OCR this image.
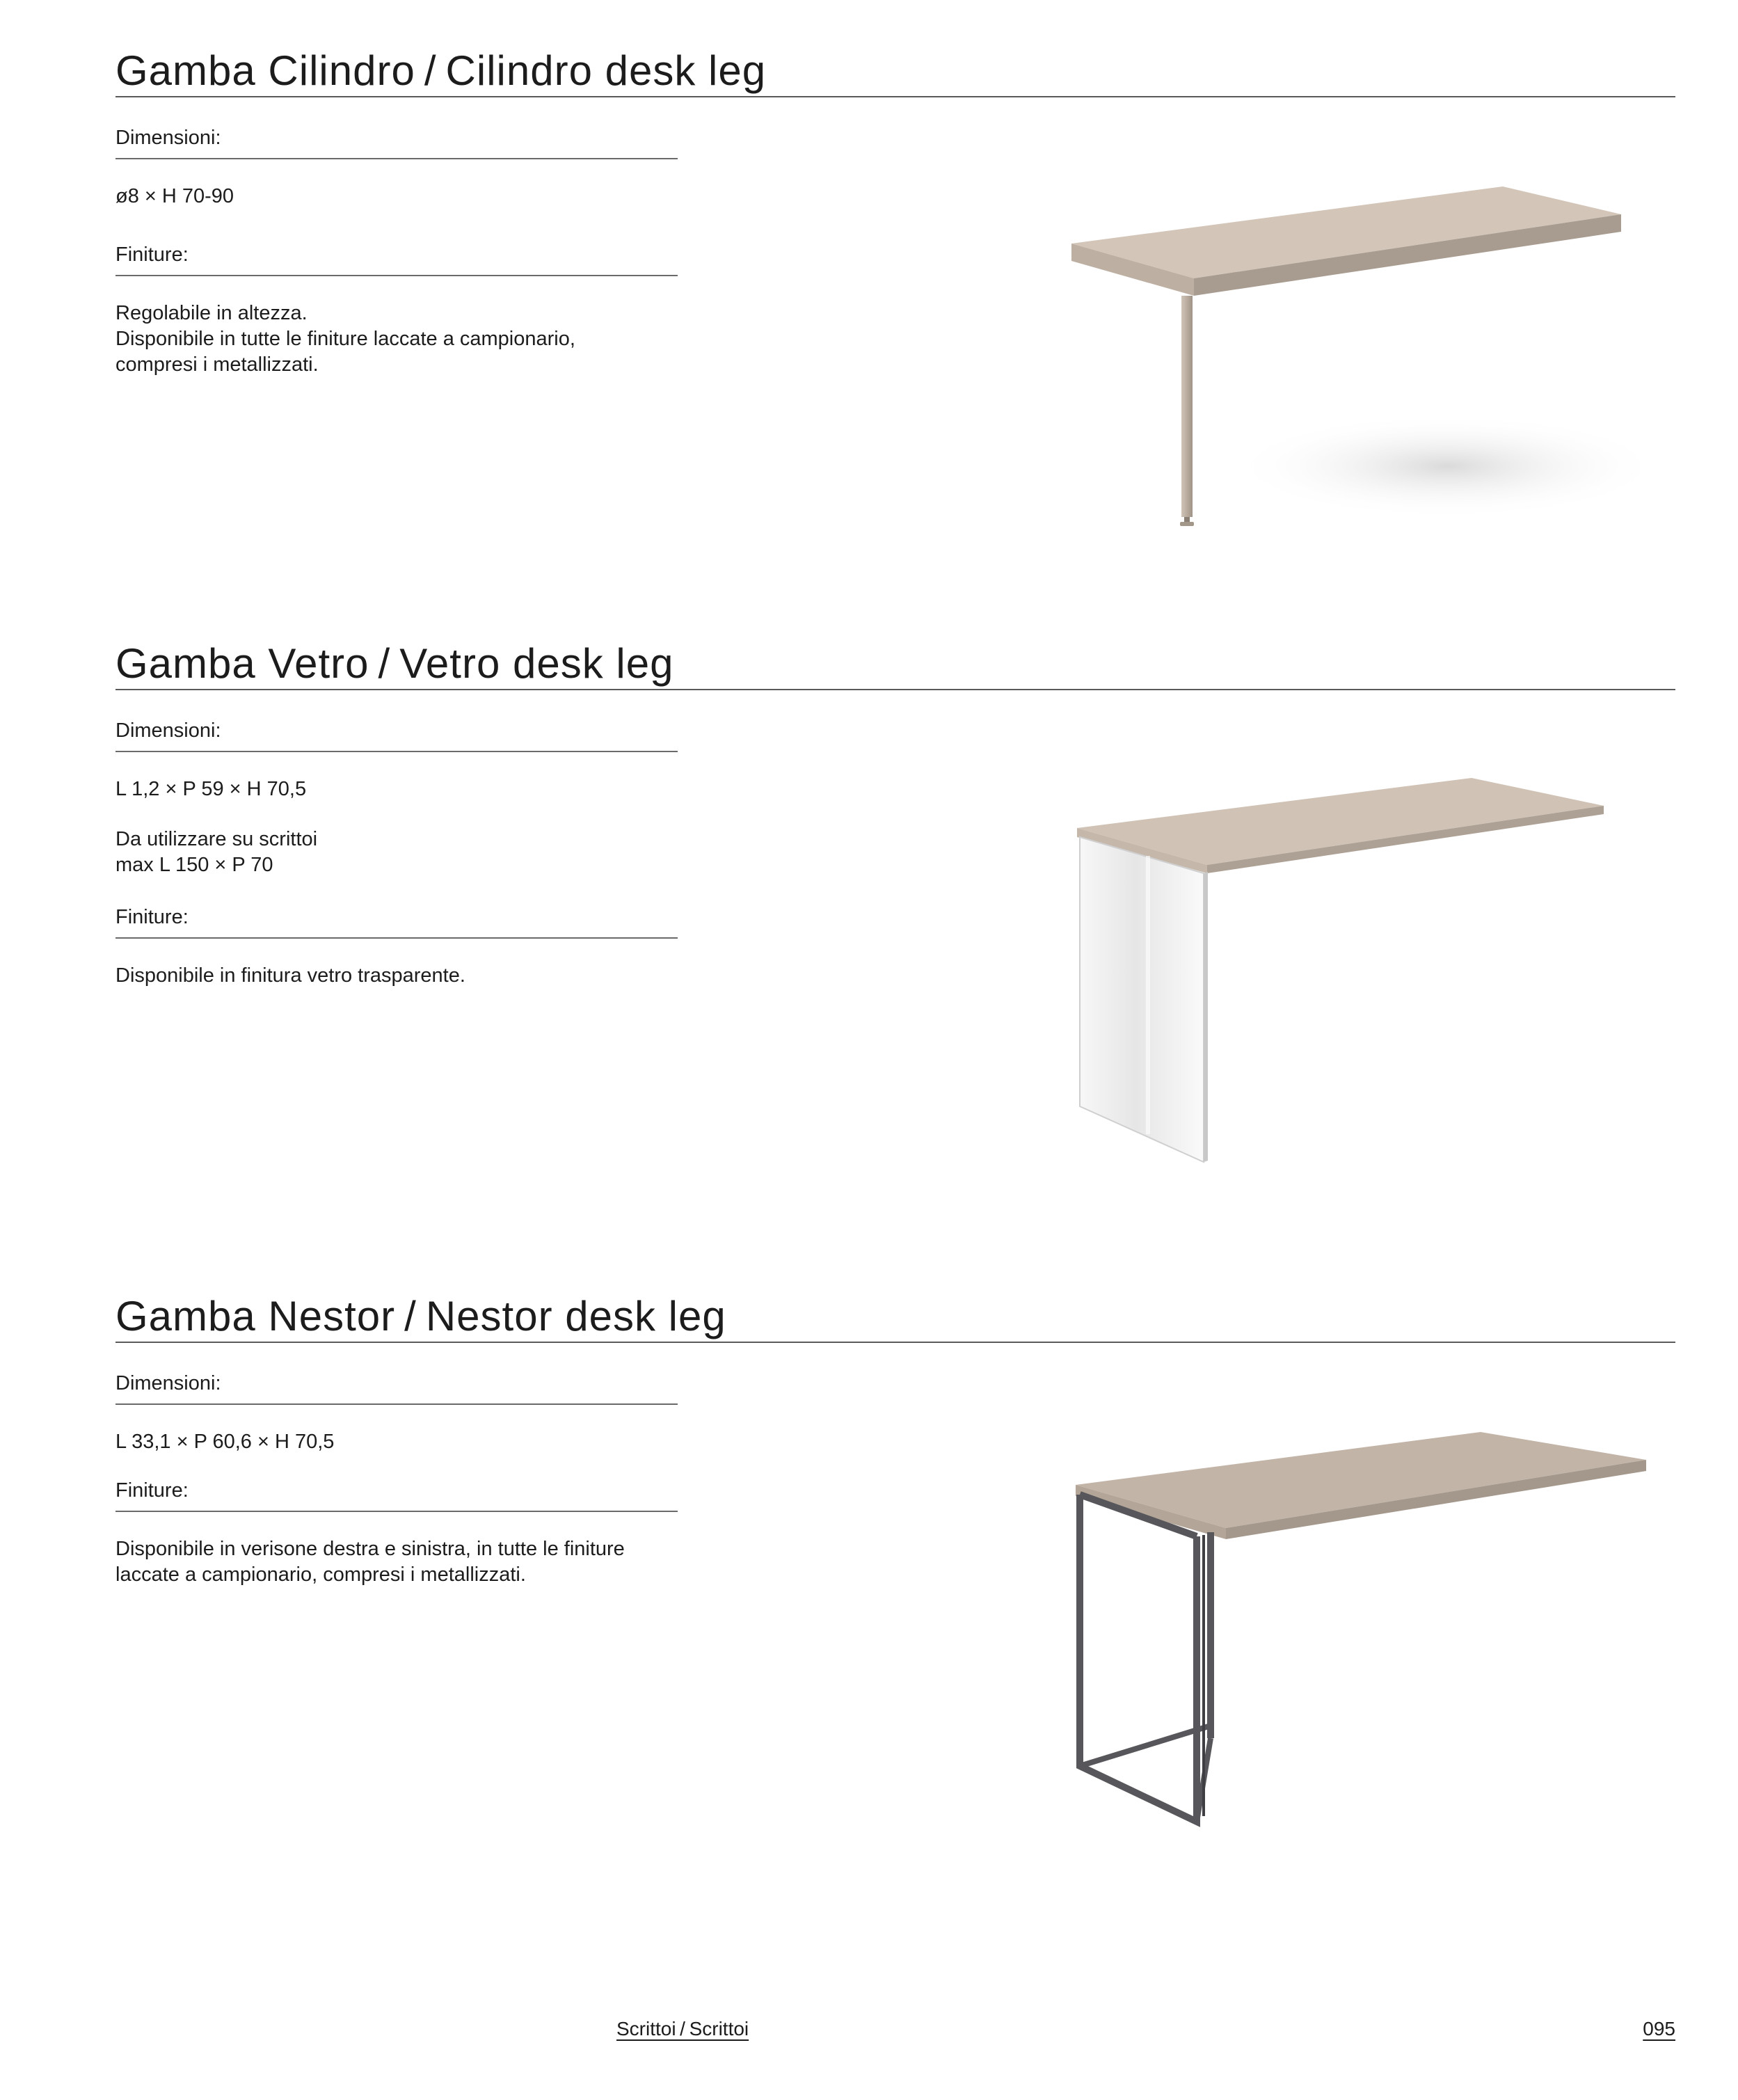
Gamba Cilindro / Cilindro desk leg
Dimensioni:
ø8 × H 70-90
Finiture:
Regolabile in altezza.
Disponibile in tutte le finiture laccate a campionario,
compresi i metallizzati.
Gamba Vetro / Vetro desk leg
Dimensioni:
L 1,2 × P 59 × H 70,5
Da utilizzare su scrittoi
max L 150 × P 70
Finiture:
Disponibile in finitura vetro trasparente.
Gamba Nestor / Nestor desk leg
Dimensioni:
L 33,1 × P 60,6 × H 70,5
Finiture:
Disponibile in verisone destra e sinistra, in tutte le finiture
laccate a campionario, compresi i metallizzati.
Scrittoi / Scrittoi	095
